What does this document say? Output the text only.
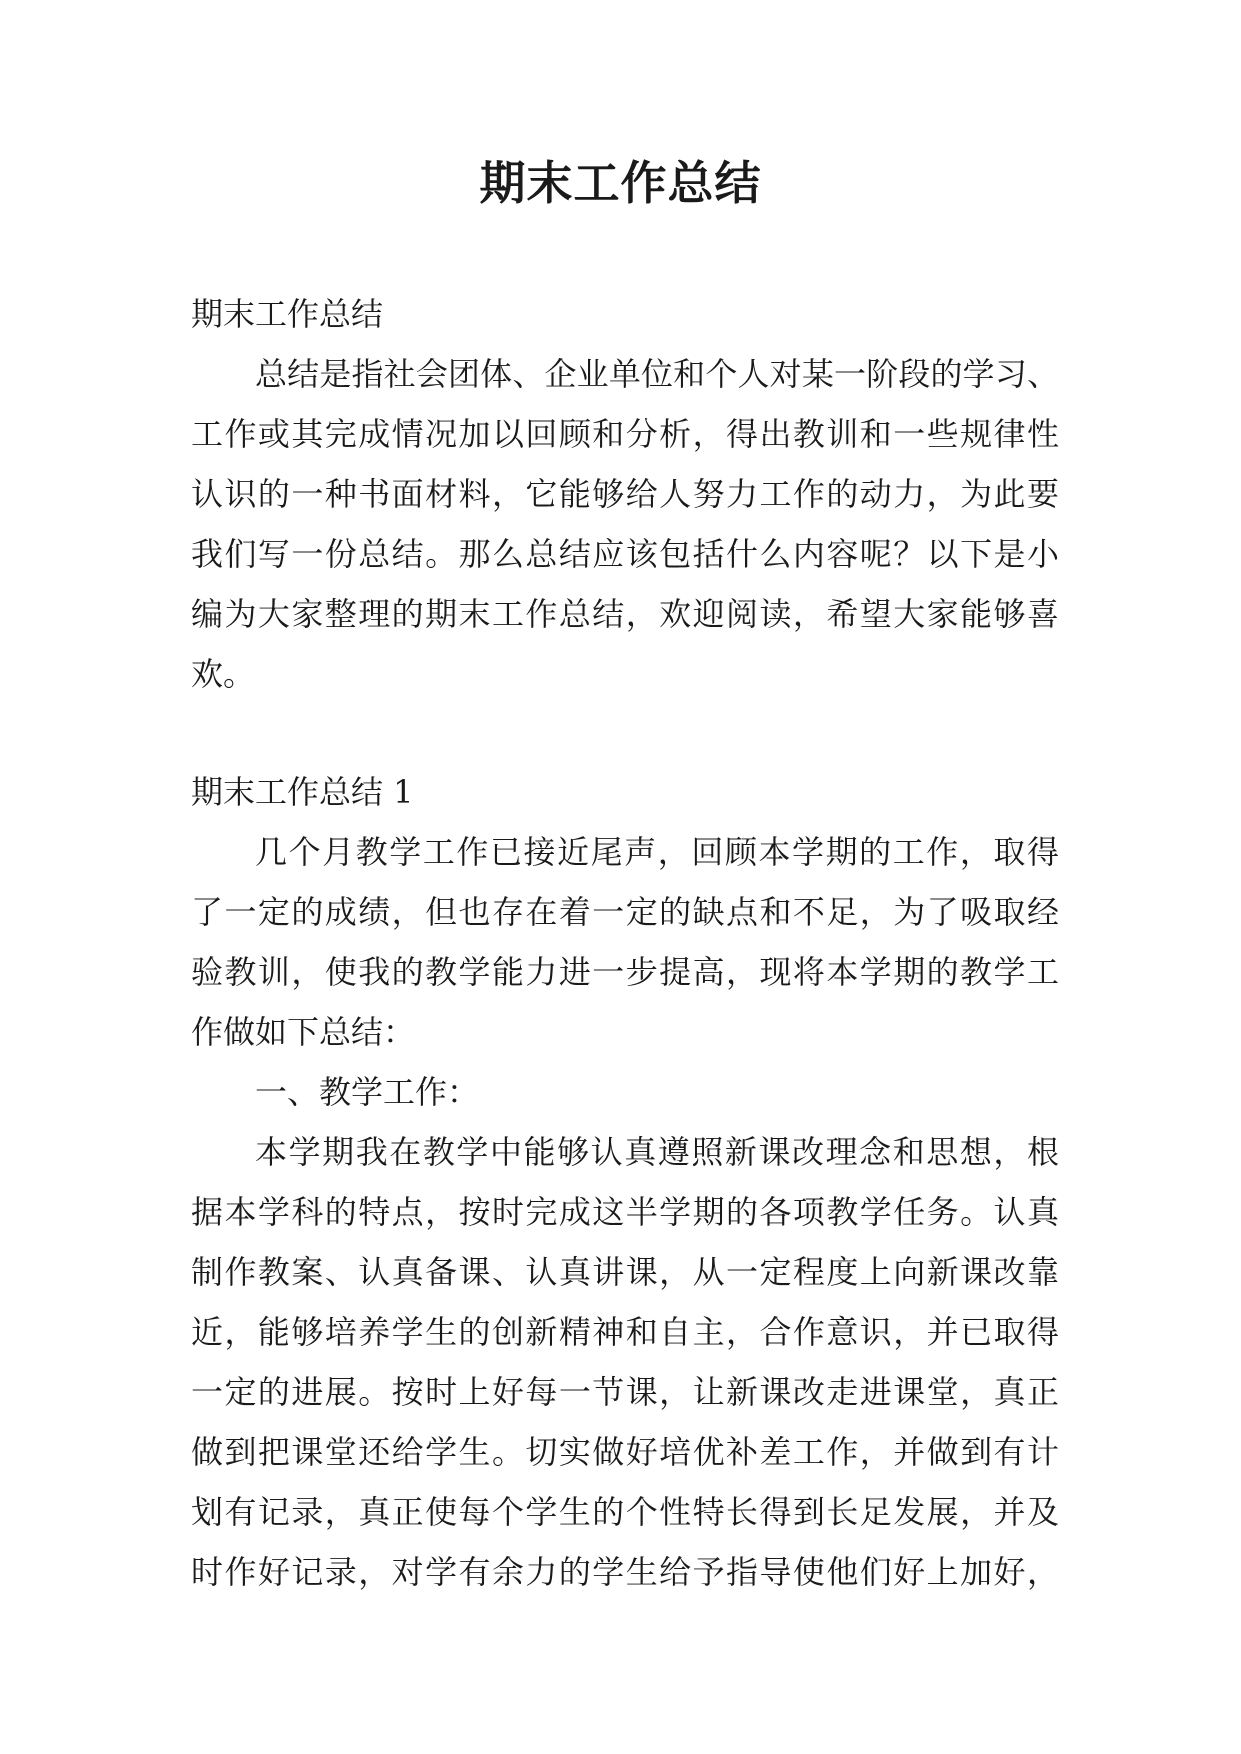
期末工作总结
期末工作总结
总结是指社会团体、企业单位和个人对某一阶段的学习、
工作或其完成情况加以回顾和分析，得出教训和一些规律性
认识的一种书面材料，它能够给人努力工作的动力，为此要
我们写一份总结。那么总结应该包括什么内容呢？以下是小
编为大家整理的期末工作总结，欢迎阅读，希望大家能够喜
欢。
期末工作总结 1
几个月教学工作已接近尾声，回顾本学期的工作，取得
了一定的成绩，但也存在着一定的缺点和不足，为了吸取经
验教训，使我的教学能力进一步提高，现将本学期的教学工
作做如下总结：
一、教学工作：
本学期我在教学中能够认真遵照新课改理念和思想，根
据本学科的特点，按时完成这半学期的各项教学任务。认真
制作教案、认真备课、认真讲课，从一定程度上向新课改靠
近，能够培养学生的创新精神和自主，合作意识，并已取得
一定的进展。按时上好每一节课，让新课改走进课堂，真正
做到把课堂还给学生。切实做好培优补差工作，并做到有计
划有记录，真正使每个学生的个性特长得到长足发展，并及
时作好记录，对学有余力的学生给予指导使他们好上加好，
